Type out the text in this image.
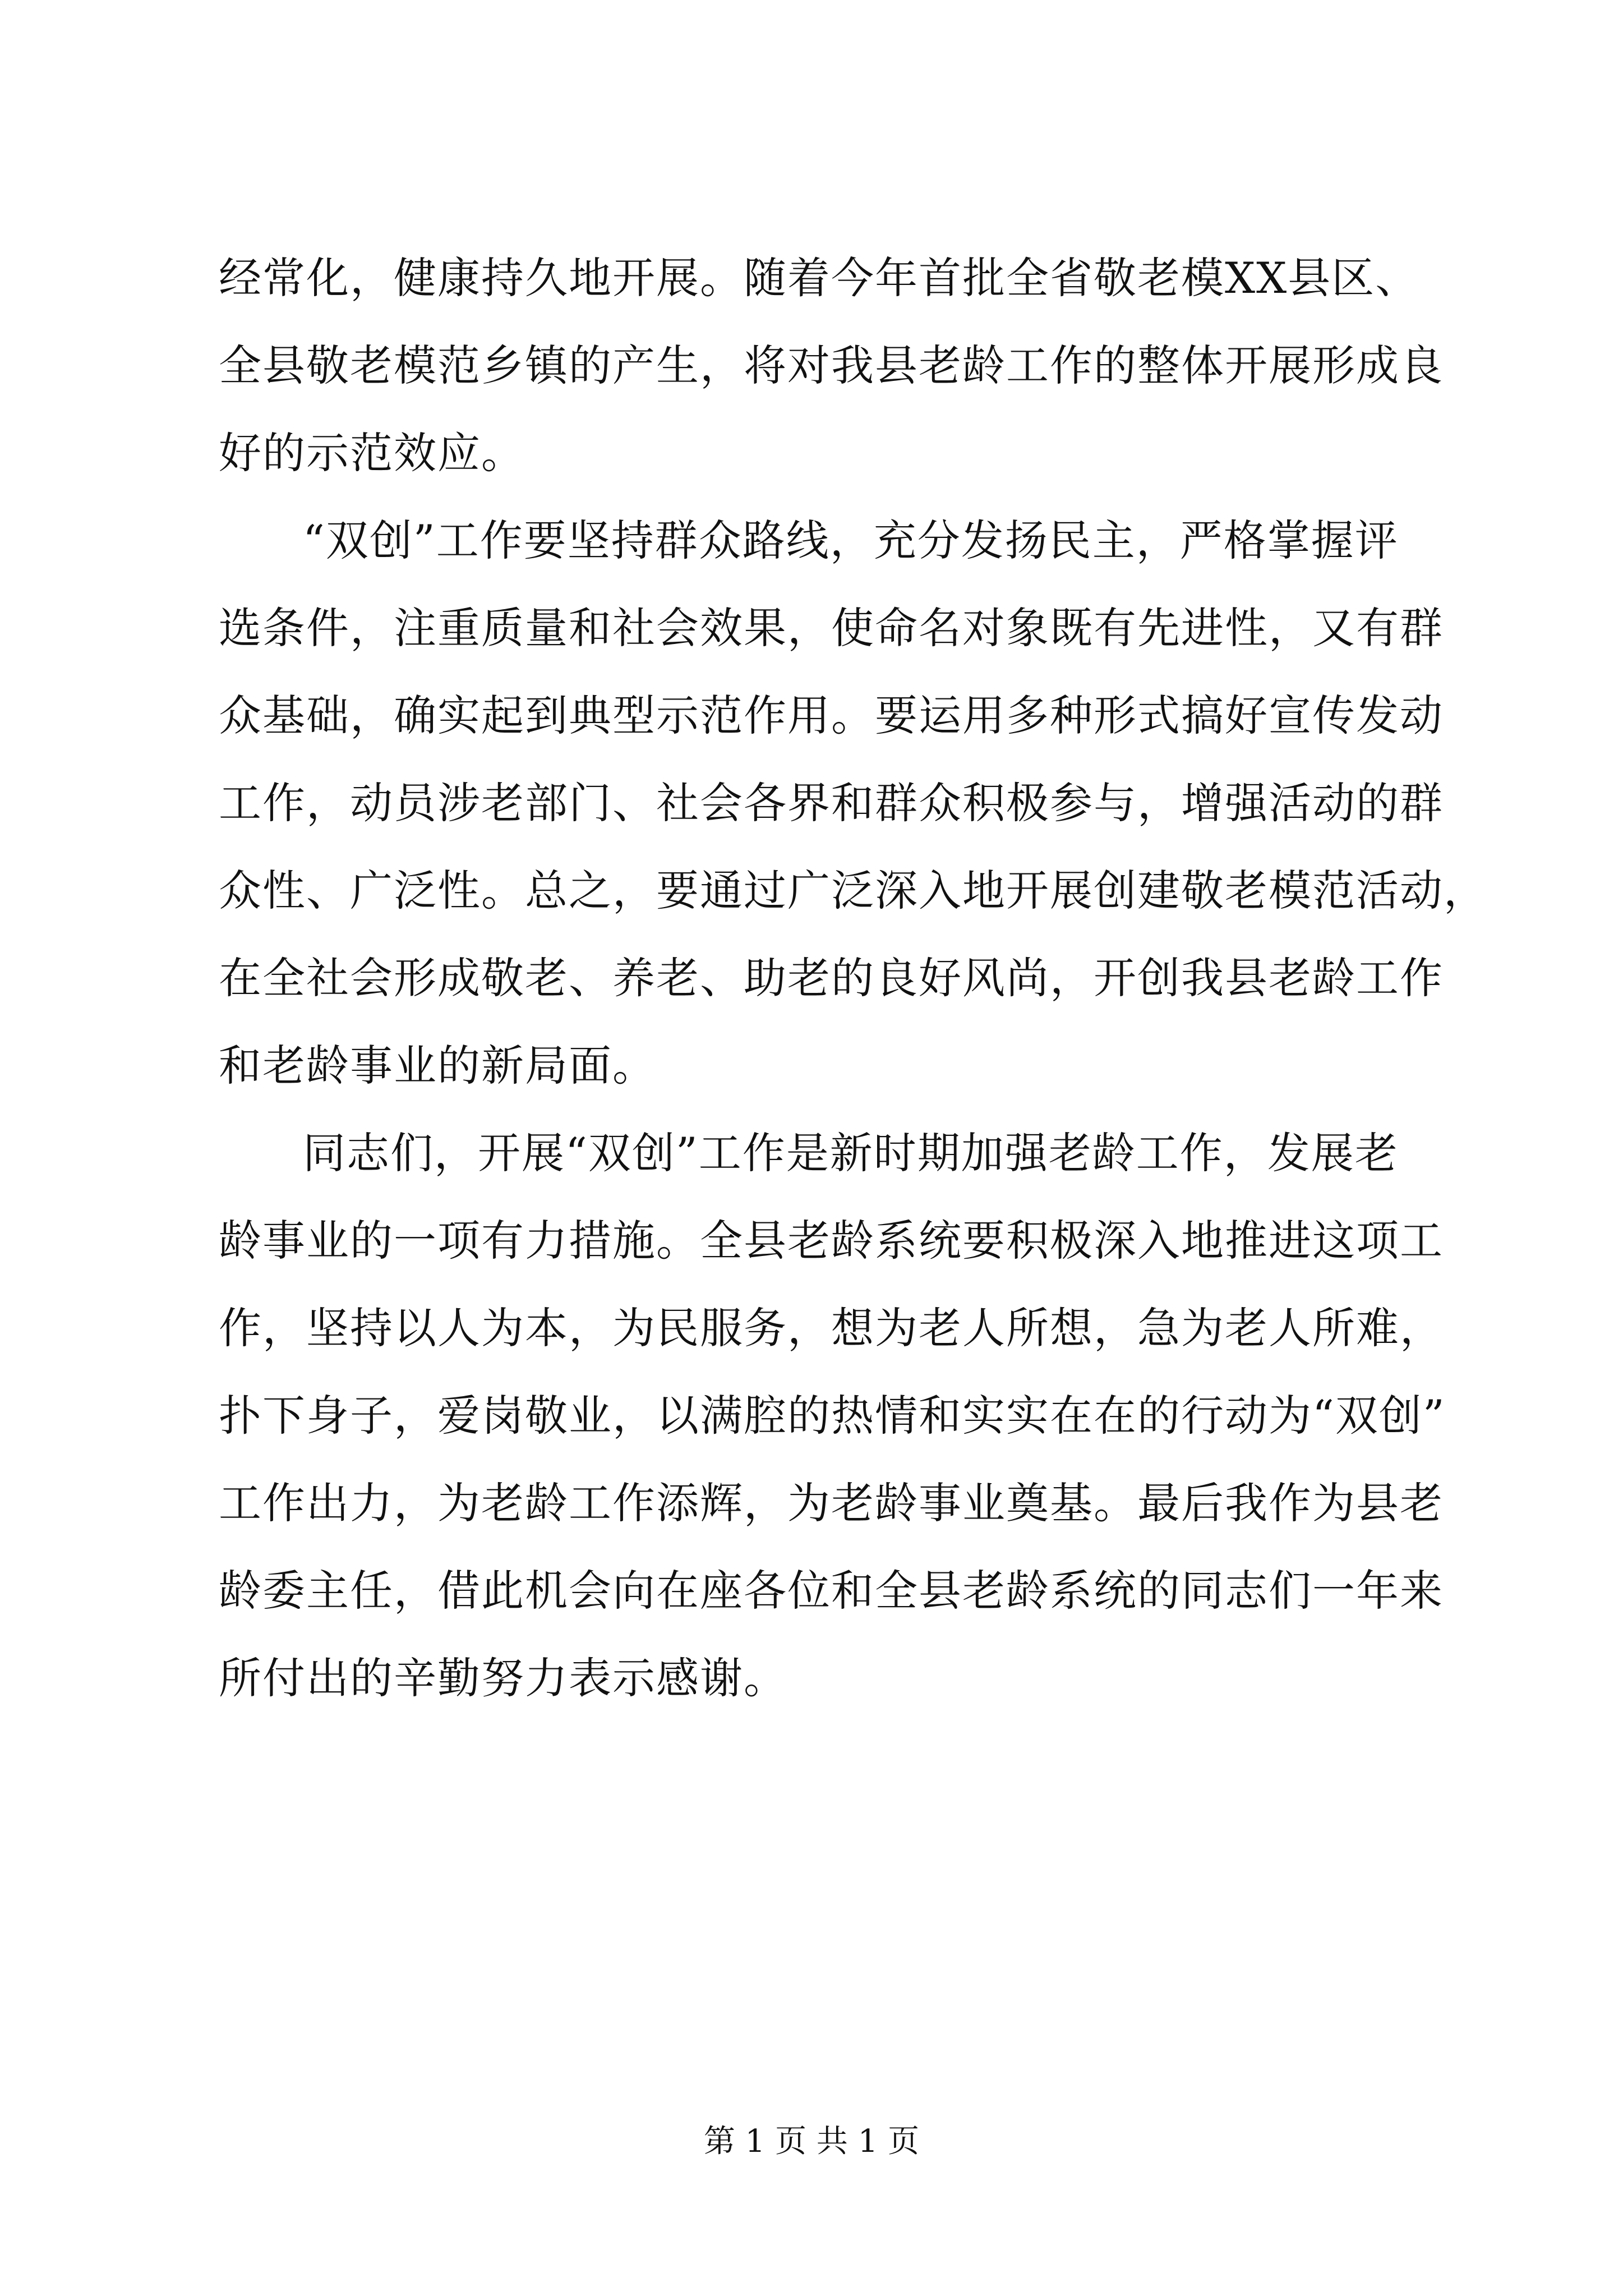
经常化，健康持久地开展。随着今年首批全省敬老模XX县区、
全县敬老模范乡镇的产生，将对我县老龄工作的整体开展形成良
好的示范效应。
“双创”工作要坚持群众路线，充分发扬民主，严格掌握评
选条件，注重质量和社会效果，使命名对象既有先进性，又有群
众基础，确实起到典型示范作用。要运用多种形式搞好宣传发动
工作，动员涉老部门、社会各界和群众积极参与，增强活动的群
众性、广泛性。总之，要通过广泛深入地开展创建敬老模范活动，
在全社会形成敬老、养老、助老的良好风尚，开创我县老龄工作
和老龄事业的新局面。
同志们，开展“双创”工作是新时期加强老龄工作，发展老
龄事业的一项有力措施。全县老龄系统要积极深入地推进这项工
作，坚持以人为本，为民服务，想为老人所想，急为老人所难，
扑下身子，爱岗敬业，以满腔的热情和实实在在的行动为“双创”
工作出力，为老龄工作添辉，为老龄事业奠基。最后我作为县老
龄委主任，借此机会向在座各位和全县老龄系统的同志们一年来
所付出的辛勤努力表示感谢。
第 1 页 共 1 页
